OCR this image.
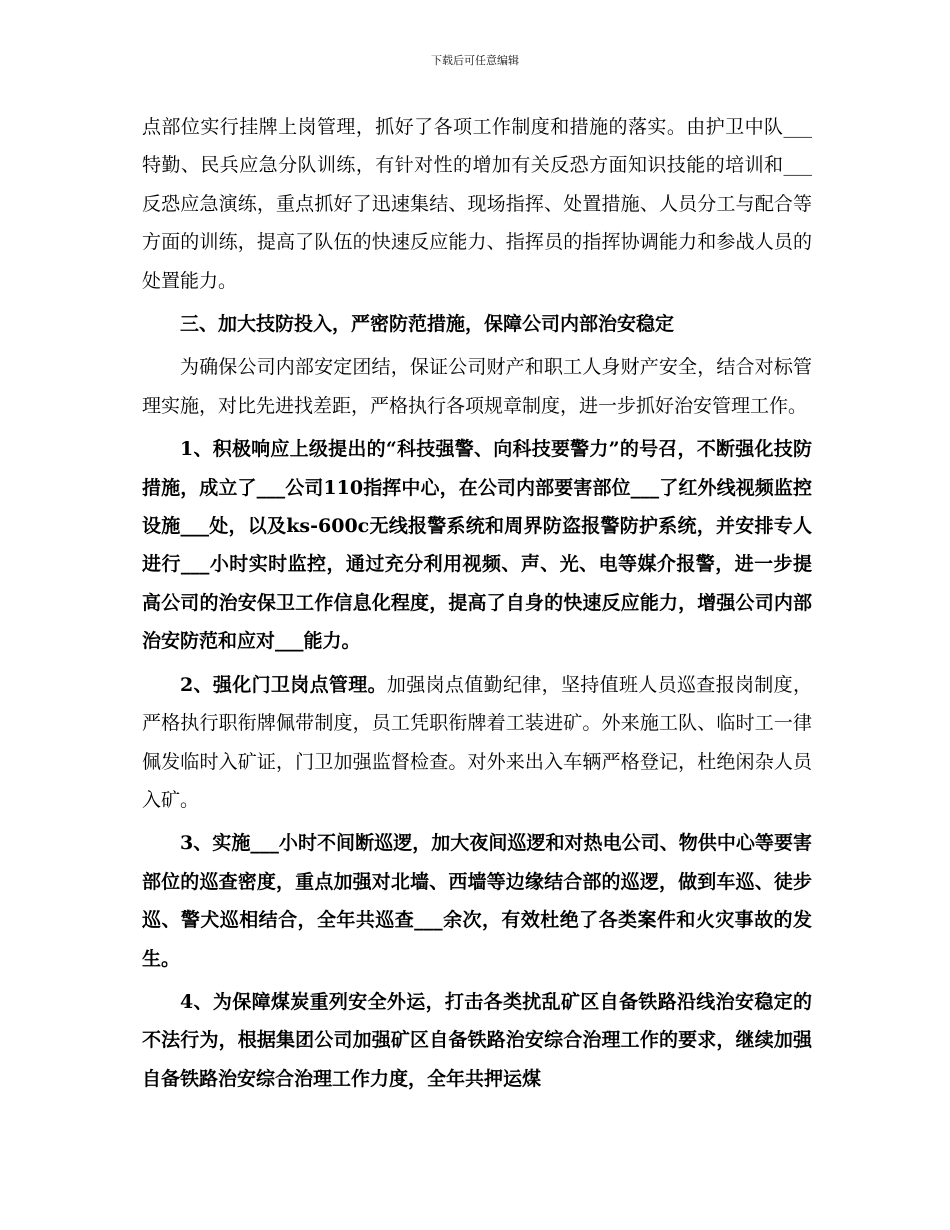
下载后可任意编辑

点部位实行挂牌上岗管理，抓好了各项工作制度和措施的落实。由护卫中队___特勤、民兵应急分队训练，有针对性的增加有关反恐方面知识技能的培训和___反恐应急演练，重点抓好了迅速集结、现场指挥、处置措施、人员分工与配合等方面的训练，提高了队伍的快速反应能力、指挥员的指挥协调能力和参战人员的处置能力。

三、加大技防投入，严密防范措施，保障公司内部治安稳定

为确保公司内部安定团结，保证公司财产和职工人身财产安全，结合对标管理实施，对比先进找差距，严格执行各项规章制度，进一步抓好治安管理工作。

1、积极响应上级提出的“科技强警、向科技要警力”的号召，不断强化技防措施，成立了___公司110指挥中心，在公司内部要害部位___了红外线视频监控设施___处，以及ks-600c无线报警系统和周界防盗报警防护系统，并安排专人进行___小时实时监控，通过充分利用视频、声、光、电等媒介报警，进一步提高公司的治安保卫工作信息化程度，提高了自身的快速反应能力，增强公司内部治安防范和应对___能力。

2、强化门卫岗点管理。加强岗点值勤纪律，坚持值班人员巡查报岗制度，严格执行职衔牌佩带制度，员工凭职衔牌着工装进矿。外来施工队、临时工一律佩发临时入矿证，门卫加强监督检查。对外来出入车辆严格登记，杜绝闲杂人员入矿。

3、实施___小时不间断巡逻，加大夜间巡逻和对热电公司、物供中心等要害部位的巡查密度，重点加强对北墙、西墙等边缘结合部的巡逻，做到车巡、徒步巡、警犬巡相结合，全年共巡查___余次，有效杜绝了各类案件和火灾事故的发生。

4、为保障煤炭重列安全外运，打击各类扰乱矿区自备铁路沿线治安稳定的不法行为，根据集团公司加强矿区自备铁路治安综合治理工作的要求，继续加强自备铁路治安综合治理工作力度，全年共押运煤
